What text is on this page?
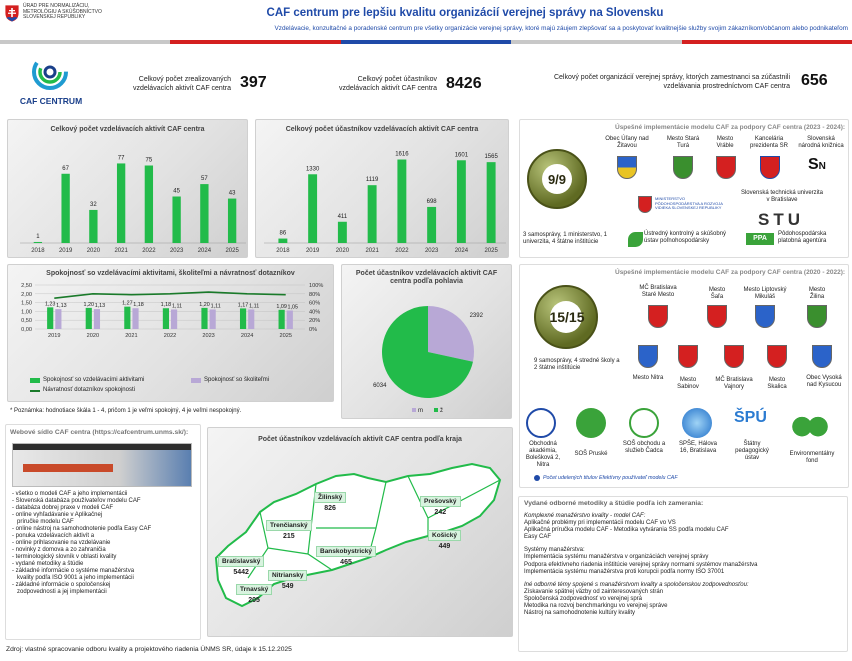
ÚRAD PRE NORMALIZÁCIU,
METROLÓGIU A SKÚŠOBNÍCTVO
SLOVENSKEJ REPUBLIKY	CAF centrum pre lepšiu kvalitu organizácií verejnej správy na Slovensku
Vzdelávacie, konzultačné a poradenské centrum pre všetky organizácie verejnej správy, ktoré majú záujem zlepšovať sa a poskytovať kvalitnejšie služby svojim zákazníkom/občanom alebo podnikateľom
CAF CENTRUM
Celkový počet zrealizovaných vzdelávacích aktivít CAF centra 397	Celkový počet účastníkov vzdelávacích aktivít CAF centra 8426	Celkový počet organizácií verejnej správy, ktorých zamestnanci sa zúčastnili vzdelávania prostredníctvom CAF centra 656
Celkový počet vzdelávacích aktivít CAF centra
1
2018
67
2019
32
2020
77
2021
75
2022
45
2023
57
2024
43
2025
Celkový počet účastníkov vzdelávacích aktivít CAF centra
86
2018
1330
2019
411
2020
1119
2021
1616
2022
698
2023
1601
2024
1565
2025
Spokojnosť so vzdelávacími aktivitami, školiteľmi a návratnosť dotazníkov
0,00
0,50
1,00
1,50
2,00
2,50
0%
20%
40%
60%
80%
100%
1,23 1,13
2019
1,20 1,13
2020
1,27 1,18
2021
1,18 1,11
2022
1,20 1,11
2023
1,17 1,11
2024
1,09 1,05
2025
Spokojnosť so vzdelávacími aktivitami	Spokojnosť so školiteľmi
Návratnosť dotazníkov spokojnosti
* Poznámka: hodnotiace škála 1 - 4, pričom 1 je veľmi spokojný, 4 je veľmi nespokojný.
Počet účastníkov vzdelávacích aktivít CAF centra podľa pohlavia
2392
6034
m	ž
Úspešné implementácie modelu CAF za podpory CAF centra (2023 - 2024):
9/9
3 samosprávy, 1 ministerstvo, 1 univerzita, 4 štátne inštitúcie
Obec Úľany nad Žitavou
Mesto Stará Turá
Mesto Vráble
Kancelária prezidenta SR
Slovenská národná knižnica
SN
MINISTERSTVO PÔDOHOSPODÁRSTVA A ROZVOJA VIDIEKA SLOVENSKEJ REPUBLIKY
Slovenská technická univerzita v Bratislave
STU
Ústredný kontrolný a skúšobný ústav poľnohospodársky	PPA
Pôdohospodárska platobná agentúra
Úspešné implementácie modelu CAF za podpory CAF centra (2020 - 2022):
15/15
9 samosprávy, 4 stredné školy a 2 štátne inštitúcie
MČ Bratislava Staré Mesto
Mesto Šaľa
Mesto Liptovský Mikuláš
Mesto Žilina
Mesto Nitra	Mesto Sabinov
MČ Bratislava Vajnory
Mesto Skalica
Obec Vysoká nad Kysucou
Obchodná akadémia, Bolešková 2, Nitra
SOŠ Pruské
SOŠ obchodu a služieb Čadca
SPŠE, Hálova 16, Bratislava
ŠPÚ
Štátny pedagogický ústav
Environmentálny fond
Počet udelených titulov Efektívny používateľ modelu CAF
Webové sídlo CAF centra (https://cafcentrum.unms.sk/):
- všetko o modeli CAF a jeho implementácii
- Slovenská databáza používateľov modelu CAF
- databáza dobrej praxe v modeli CAF
- online vyhľadávanie v Aplikačnej
príručke modelu CAF
- online nástroj na samohodnotenie podľa Easy CAF
- ponuka vzdelávacích aktivít a
- online prihlasovanie na vzdelávanie
- novinky z domova a zo zahraničia
- terminologický slovník v oblasti kvality
- vydané metodiky a štúdie
- základné informácie o systéme manažérstva
kvality podľa ISO 9001 a jeho implementácii
- základné informácie o spoločenskej
zodpovednosti a jej implementácii
Počet účastníkov vzdelávacích aktivít CAF centra podľa kraja
Bratislavský
5442
Trnavský
205
Trenčianský
215
Nitriansky
549
Žilinský
826
Banskobystrický
465
Prešovský
242
Košický
449
Vydané odborné metodiky a štúdie podľa ich zamerania:
Komplexné manažérstvo kvality - model CAF:
Aplikačné problémy pri implementácii modelu CAF vo VS
Aplikačná príručka modelu CAF - Metodika vytvárania SS podľa modelu CAF
Easy CAF
Systémy manažérstva:
Implementácia systému manažérstva v organizáciách verejnej správy
Podpora efektívneho riadenia inštitúcie verejnej správy normami systémov manažérstva
Implementácia systému manažérstva proti korupcii podľa normy ISO 37001
Iné odborné témy spojené s manažérstvom kvality a spoločenskou zodpovednosťou:
Získavanie spätnej väzby od zainteresovaných strán
Spoločenská zodpovednosť vo verejnej sprá
Metodika na rozvoj benchmarkingu vo verejnej správe
Nástroj na samohodnotenie kultúry kvality
Zdroj: vlastné spracovanie odboru kvality a projektového riadenia ÚNMS SR, údaje k 15.12.2025
